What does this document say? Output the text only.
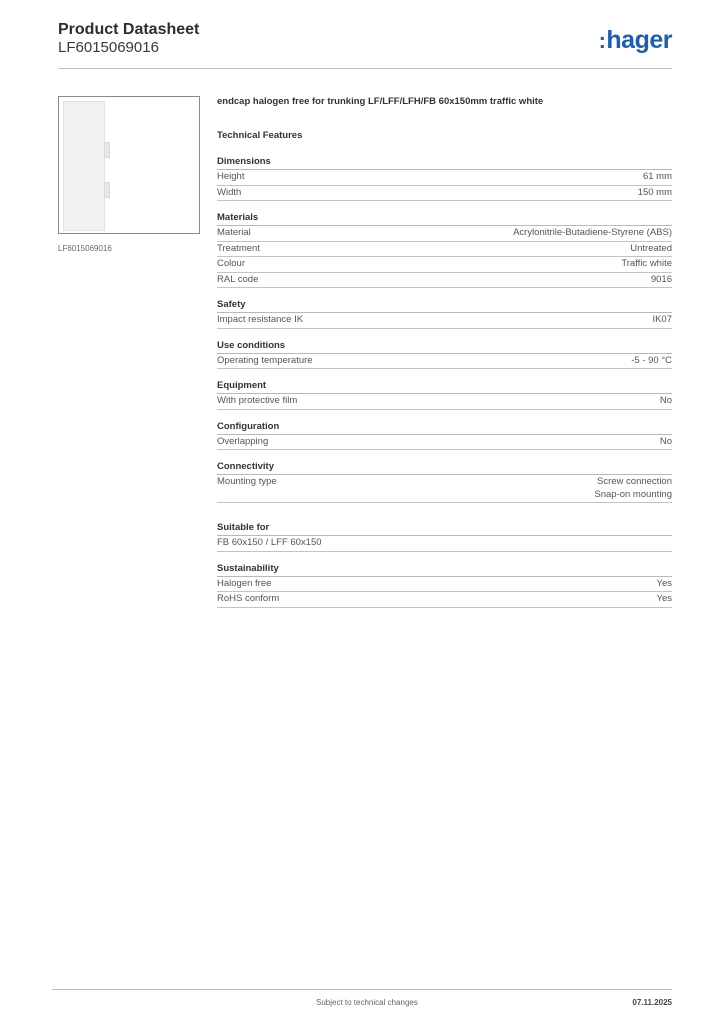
Product Datasheet
LF6015069016	:hager
LF6015069016
endcap halogen free for trunking LF/LFF/LFH/FB 60x150mm traffic white
Technical Features
Dimensions
Height	61 mm
Width	150 mm
Materials
Material	Acrylonitrile-Butadiene-Styrene (ABS)
Treatment	Untreated
Colour	Traffic white
RAL code	9016
Safety
Impact resistance IK	IK07
Use conditions
Operating temperature	-5 - 90 °C
Equipment
With protective film	No
Configuration
Overlapping	No
Connectivity
Mounting type	Screw connection
Snap-on mounting
Suitable for
FB 60x150 / LFF 60x150
Sustainability
Halogen free	Yes
RoHS conform	Yes
Subject to technical changes	07.11.2025
